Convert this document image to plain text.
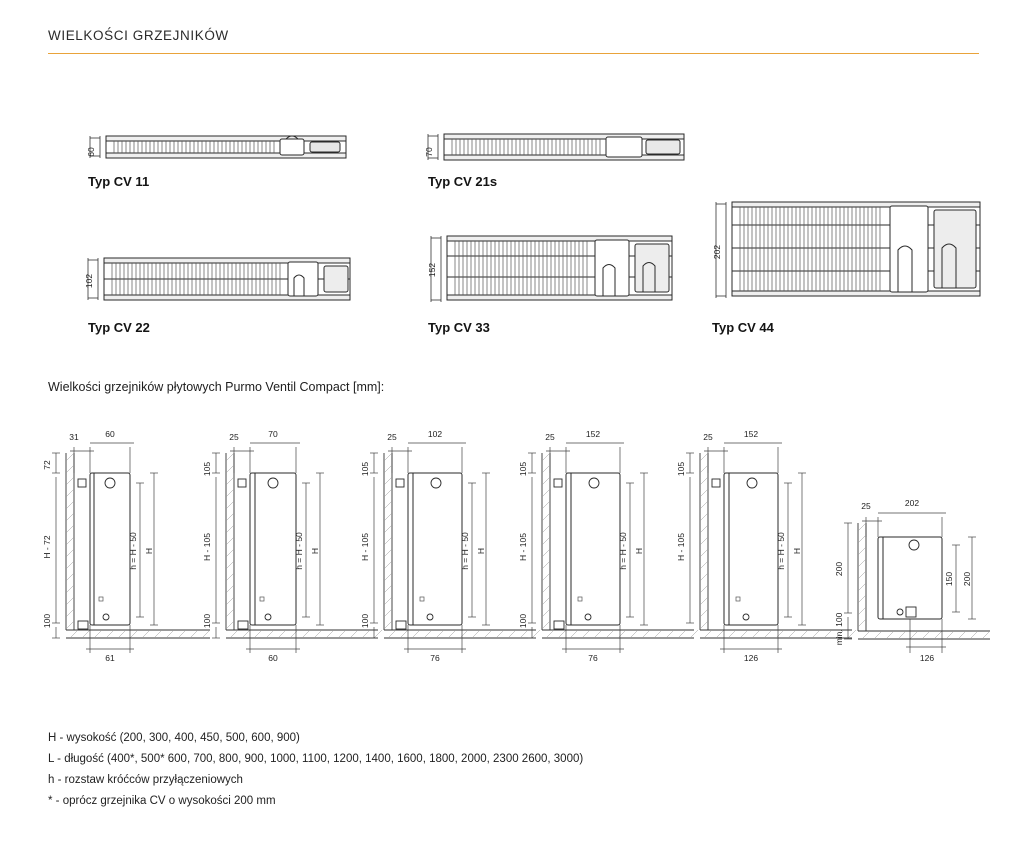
WIELKOŚCI GRZEJNIKÓW
60
Typ CV 11
70
Typ CV 21s
102
Typ CV 22
152
Typ CV 33
202
Typ CV 44
Wielkości grzejników płytowych Purmo Ventil Compact [mm]:
31	60
72
H - 72
100
h = H - 50 H
61
25	70
105
H - 105
100
h = H - 50 H
60
25	102
105
H - 105
100
h = H - 50 H
76
25	152
105
H - 105
100
h = H - 50 H
76
25	152
105
H - 105	h = H - 50 H
126
25	202
200
min. 100
150 200
126
H - wysokość (200, 300, 400, 450, 500, 600, 900)
L - długość (400*, 500* 600, 700, 800, 900, 1000, 1100, 1200, 1400, 1600, 1800, 2000, 2300 2600, 3000)
h - rozstaw króćców przyłączeniowych
* - oprócz grzejnika CV o wysokości 200 mm
